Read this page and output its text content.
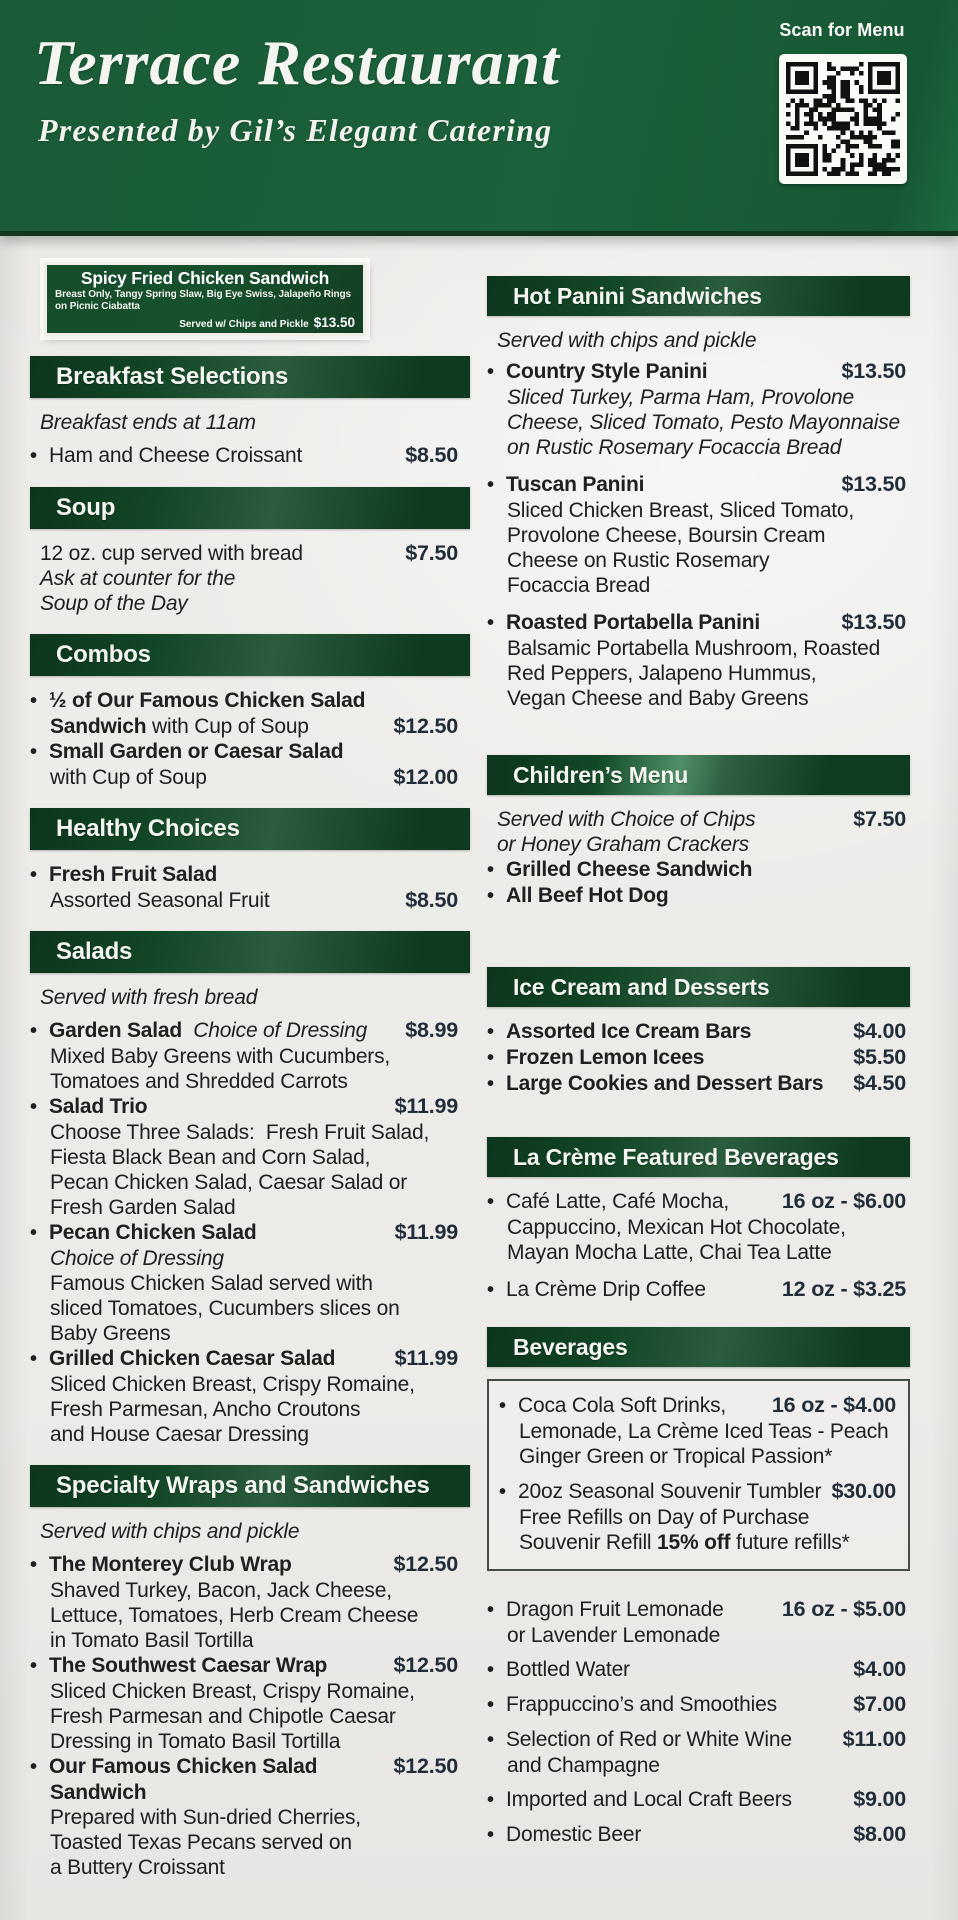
Terrace Restaurant
Presented by Gil’s Elegant Catering
Scan for Menu
Spicy Fried Chicken Sandwich
Breast Only, Tangy Spring Slaw, Big Eye Swiss, Jalapeño Rings on Picnic Ciabatta
Served w/ Chips and Pickle $13.50
Breakfast Selections
Breakfast ends at 11am
• Ham and Cheese Croissant	$8.50
Soup
12 oz. cup served with bread	$7.50
Ask at counter for the
Soup of the Day
Combos
• ½ of Our Famous Chicken Salad
Sandwich with Cup of Soup	$12.50
• Small Garden or Caesar Salad
with Cup of Soup	$12.00
Healthy Choices
• Fresh Fruit Salad
Assorted Seasonal Fruit	$8.50
Salads
Served with fresh bread
• Garden Salad  Choice of Dressing	$8.99
Mixed Baby Greens with Cucumbers,
Tomatoes and Shredded Carrots
• Salad Trio	$11.99
Choose Three Salads:  Fresh Fruit Salad,
Fiesta Black Bean and Corn Salad,
Pecan Chicken Salad, Caesar Salad or
Fresh Garden Salad
• Pecan Chicken Salad	$11.99
Choice of Dressing
Famous Chicken Salad served with
sliced Tomatoes, Cucumbers slices on
Baby Greens
• Grilled Chicken Caesar Salad	$11.99
Sliced Chicken Breast, Crispy Romaine,
Fresh Parmesan, Ancho Croutons
and House Caesar Dressing
Specialty Wraps and Sandwiches
Served with chips and pickle
• The Monterey Club Wrap	$12.50
Shaved Turkey, Bacon, Jack Cheese,
Lettuce, Tomatoes, Herb Cream Cheese
in Tomato Basil Tortilla
• The Southwest Caesar Wrap	$12.50
Sliced Chicken Breast, Crispy Romaine,
Fresh Parmesan and Chipotle Caesar
Dressing in Tomato Basil Tortilla
• Our Famous Chicken Salad	$12.50
Sandwich
Prepared with Sun-dried Cherries,
Toasted Texas Pecans served on
a Buttery Croissant
Hot Panini Sandwiches
Served with chips and pickle
• Country Style Panini	$13.50
Sliced Turkey, Parma Ham, Provolone
Cheese, Sliced Tomato, Pesto Mayonnaise
on Rustic Rosemary Focaccia Bread
• Tuscan Panini	$13.50
Sliced Chicken Breast, Sliced Tomato,
Provolone Cheese, Boursin Cream
Cheese on Rustic Rosemary
Focaccia Bread
• Roasted Portabella Panini	$13.50
Balsamic Portabella Mushroom, Roasted
Red Peppers, Jalapeno Hummus,
Vegan Cheese and Baby Greens
Children’s Menu
Served with Choice of Chips	$7.50
or Honey Graham Crackers
• Grilled Cheese Sandwich
• All Beef Hot Dog
Ice Cream and Desserts
• Assorted Ice Cream Bars	$4.00
• Frozen Lemon Icees	$5.50
• Large Cookies and Dessert Bars	$4.50
La Crème Featured Beverages
• Café Latte, Café Mocha,	16 oz - $6.00
Cappuccino, Mexican Hot Chocolate,
Mayan Mocha Latte, Chai Tea Latte
• La Crème Drip Coffee	12 oz - $3.25
Beverages
• Coca Cola Soft Drinks,	16 oz - $4.00
Lemonade, La Crème Iced Teas - Peach
Ginger Green or Tropical Passion*
• 20oz Seasonal Souvenir Tumbler $30.00
Free Refills on Day of Purchase
Souvenir Refill 15% off future refills*
• Dragon Fruit Lemonade	16 oz - $5.00
or Lavender Lemonade
• Bottled Water	$4.00
• Frappuccino’s and Smoothies	$7.00
• Selection of Red or White Wine	$11.00
and Champagne
• Imported and Local Craft Beers	$9.00
• Domestic Beer	$8.00
